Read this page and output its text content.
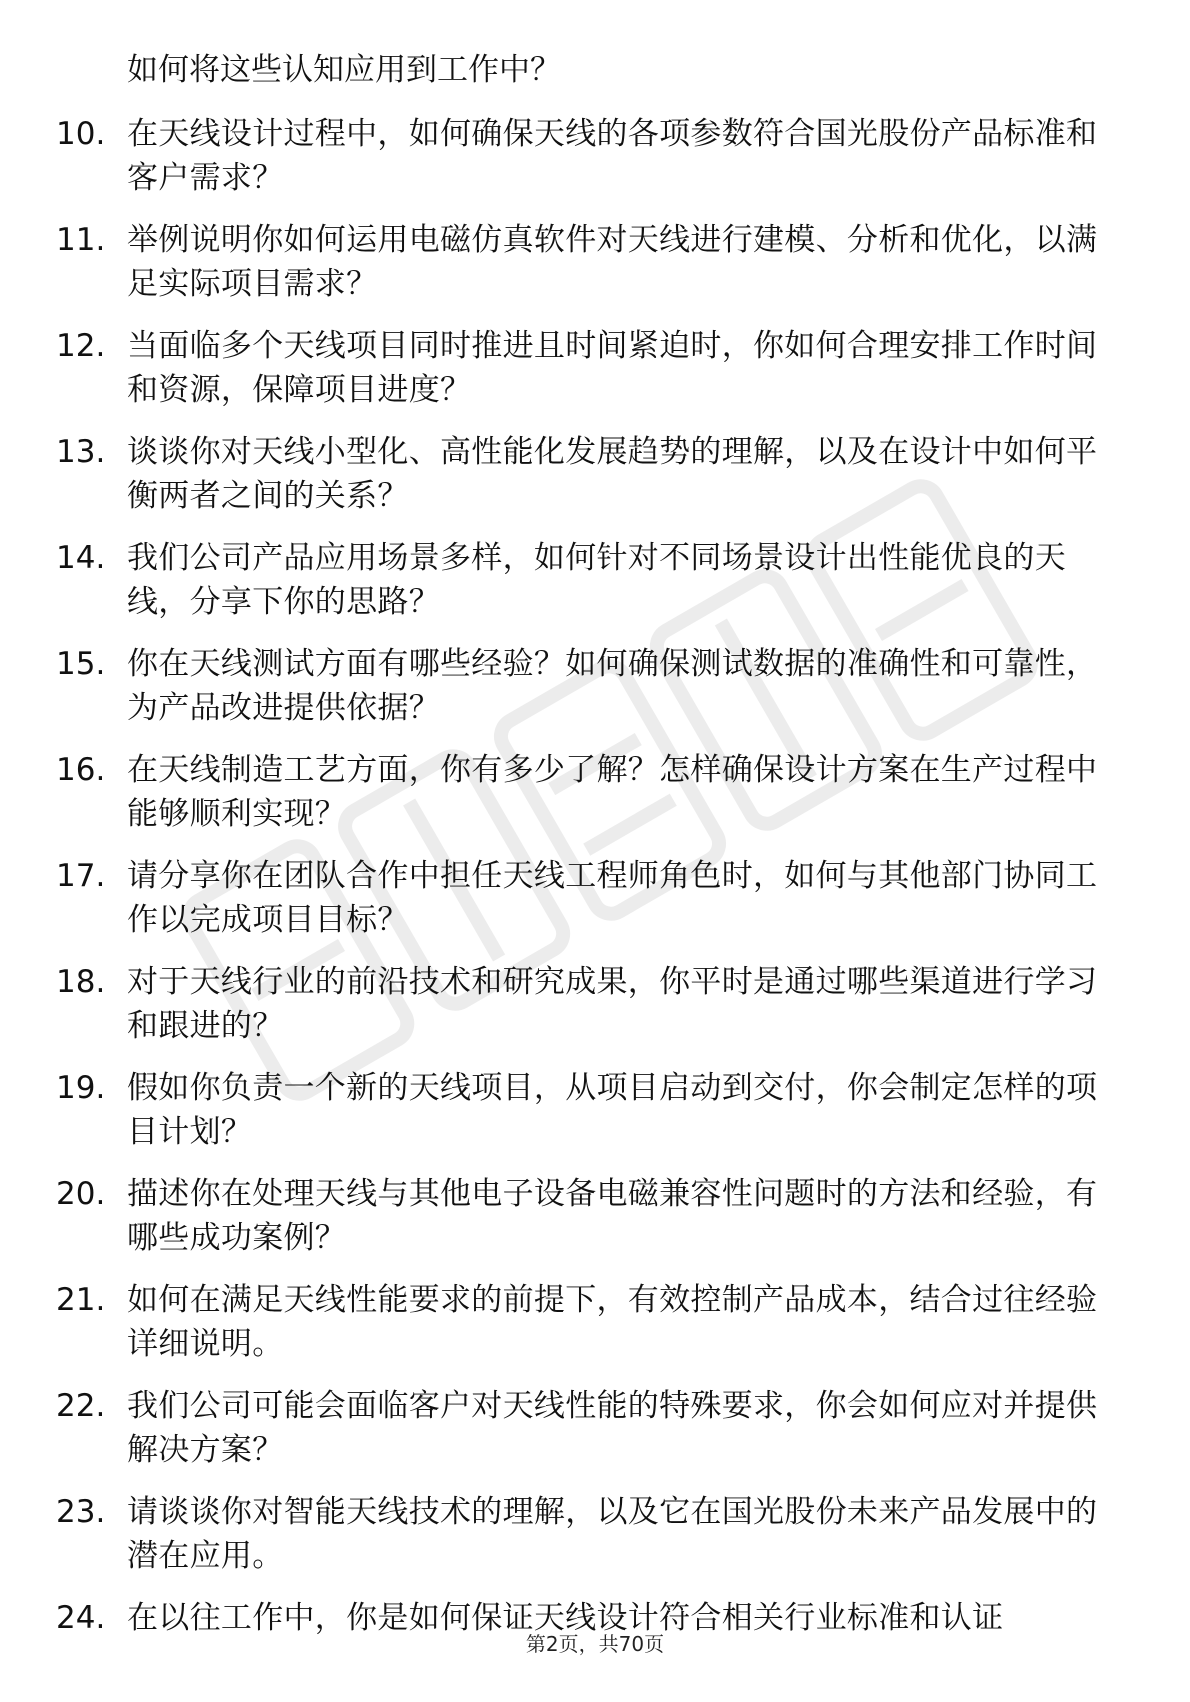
如何将这些认知应用到工作中？
10. 在天线设计过程中，如何确保天线的各项参数符合国光股份产品标准和客户需求？
11. 举例说明你如何运用电磁仿真软件对天线进行建模、分析和优化，以满足实际项目需求？
12. 当面临多个天线项目同时推进且时间紧迫时，你如何合理安排工作时间和资源，保障项目进度？
13. 谈谈你对天线小型化、高性能化发展趋势的理解，以及在设计中如何平衡两者之间的关系？
14. 我们公司产品应用场景多样，如何针对不同场景设计出性能优良的天线，分享下你的思路？
15. 你在天线测试方面有哪些经验？如何确保测试数据的准确性和可靠性，为产品改进提供依据？
16. 在天线制造工艺方面，你有多少了解？怎样确保设计方案在生产过程中能够顺利实现？
17. 请分享你在团队合作中担任天线工程师角色时，如何与其他部门协同工作以完成项目目标？
18. 对于天线行业的前沿技术和研究成果，你平时是通过哪些渠道进行学习和跟进的？
19. 假如你负责一个新的天线项目，从项目启动到交付，你会制定怎样的项目计划？
20. 描述你在处理天线与其他电子设备电磁兼容性问题时的方法和经验，有哪些成功案例？
21. 如何在满足天线性能要求的前提下，有效控制产品成本，结合过往经验详细说明。
22. 我们公司可能会面临客户对天线性能的特殊要求，你会如何应对并提供解决方案？
23. 请谈谈你对智能天线技术的理解，以及它在国光股份未来产品发展中的潜在应用。
24. 在以往工作中，你是如何保证天线设计符合相关行业标准和认证
第2页，共70页
